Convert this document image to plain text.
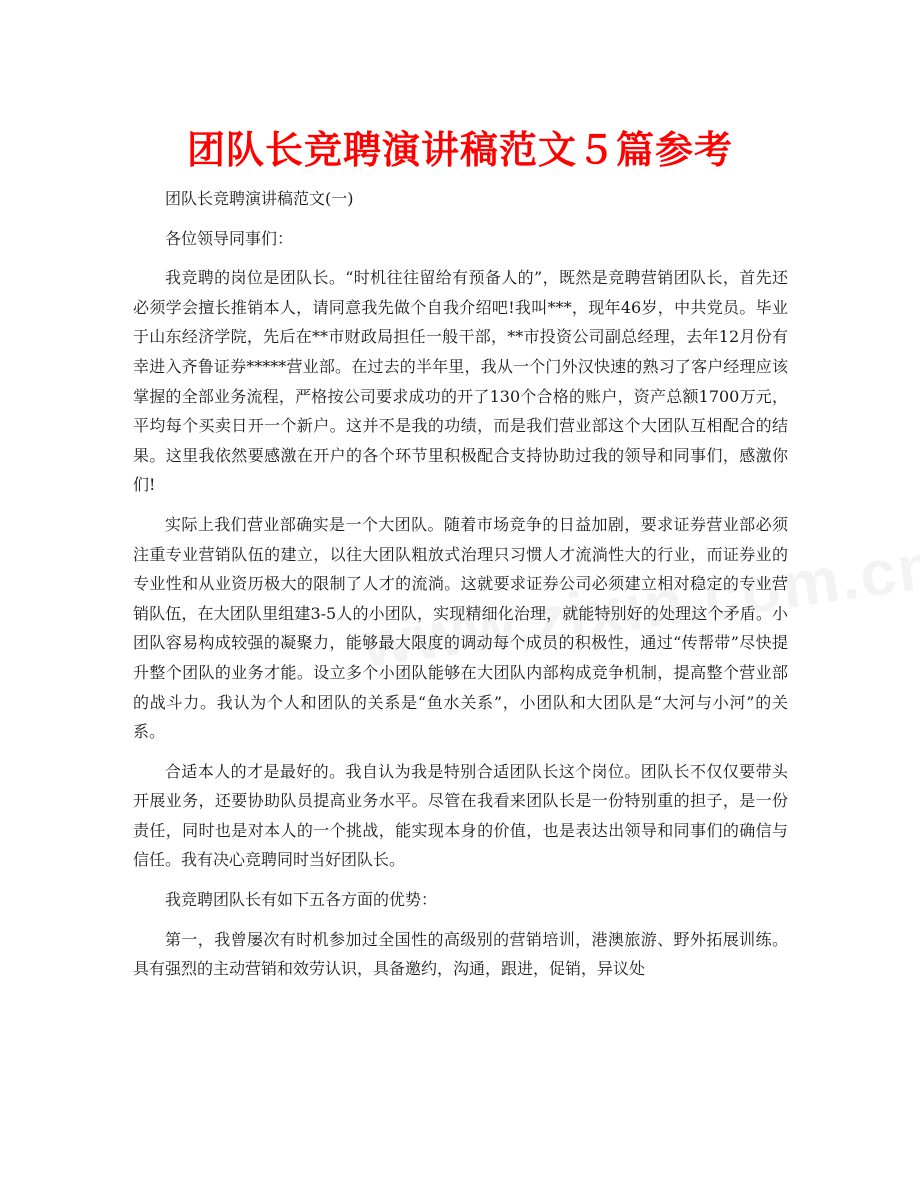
团队长竞聘演讲稿范文５篇参考

团队长竞聘演讲稿范文(一)

各位领导同事们：

我竞聘的岗位是团队长。“时机往往留给有预备人的”，既然是竞聘营销团队长，首先还必须学会擅长推销本人，请同意我先做个自我介绍吧!我叫***，现年46岁，中共党员。毕业于山东经济学院，先后在**市财政局担任一般干部，**市投资公司副总经理，去年12月份有幸进入齐鲁证券*****营业部。在过去的半年里，我从一个门外汉快速的熟习了客户经理应该掌握的全部业务流程，严格按公司要求成功的开了130个合格的账户，资产总额1700万元，平均每个买卖日开一个新户。这并不是我的功绩，而是我们营业部这个大团队互相配合的结果。这里我依然要感激在开户的各个环节里积极配合支持协助过我的领导和同事们，感激你们!

实际上我们营业部确实是一个大团队。随着市场竞争的日益加剧，要求证券营业部必须注重专业营销队伍的建立，以往大团队粗放式治理只习惯人才流淌性大的行业，而证券业的专业性和从业资历极大的限制了人才的流淌。这就要求证券公司必须建立相对稳定的专业营销队伍，在大团队里组建3-5人的小团队，实现精细化治理，就能特别好的处理这个矛盾。小团队容易构成较强的凝聚力，能够最大限度的调动每个成员的积极性，通过“传帮带”尽快提升整个团队的业务才能。设立多个小团队能够在大团队内部构成竞争机制，提高整个营业部的战斗力。我认为个人和团队的关系是“鱼水关系”，小团队和大团队是“大河与小河”的关系。

合适本人的才是最好的。我自认为我是特别合适团队长这个岗位。团队长不仅仅要带头开展业务，还要协助队员提高业务水平。尽管在我看来团队长是一份特别重的担子，是一份责任，同时也是对本人的一个挑战，能实现本身的价值，也是表达出领导和同事们的确信与信任。我有决心竞聘同时当好团队长。

我竞聘团队长有如下五各方面的优势：

第一，我曾屡次有时机参加过全国性的高级别的营销培训，港澳旅游、野外拓展训练。具有强烈的主动营销和效劳认识，具备邀约，沟通，跟进，促销，异议处
